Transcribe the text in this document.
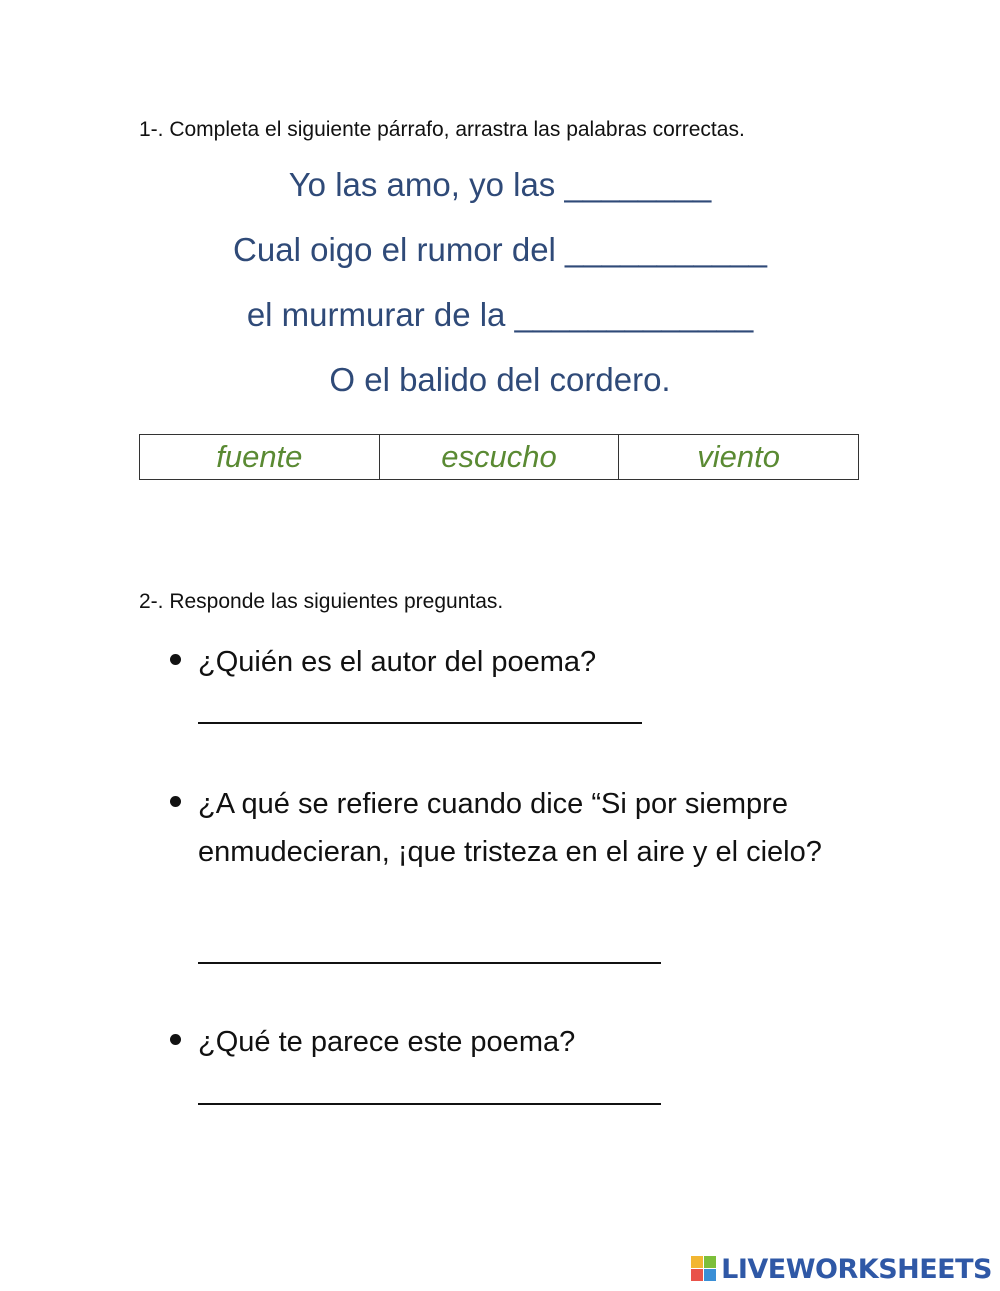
1-. Completa el siguiente párrafo, arrastra las palabras correctas.
Yo las amo, yo las ________
Cual oigo el rumor del ___________
el murmurar de la _____________
O el balido del cordero.
fuente	escucho	viento
2-. Responde las siguientes preguntas.
¿Quién es el autor del poema?
¿A qué se refiere cuando dice “Si por siempre enmudecieran, ¡que tristeza en el aire y el cielo?
¿Qué te parece este poema?
LIVEWORKSHEETS
